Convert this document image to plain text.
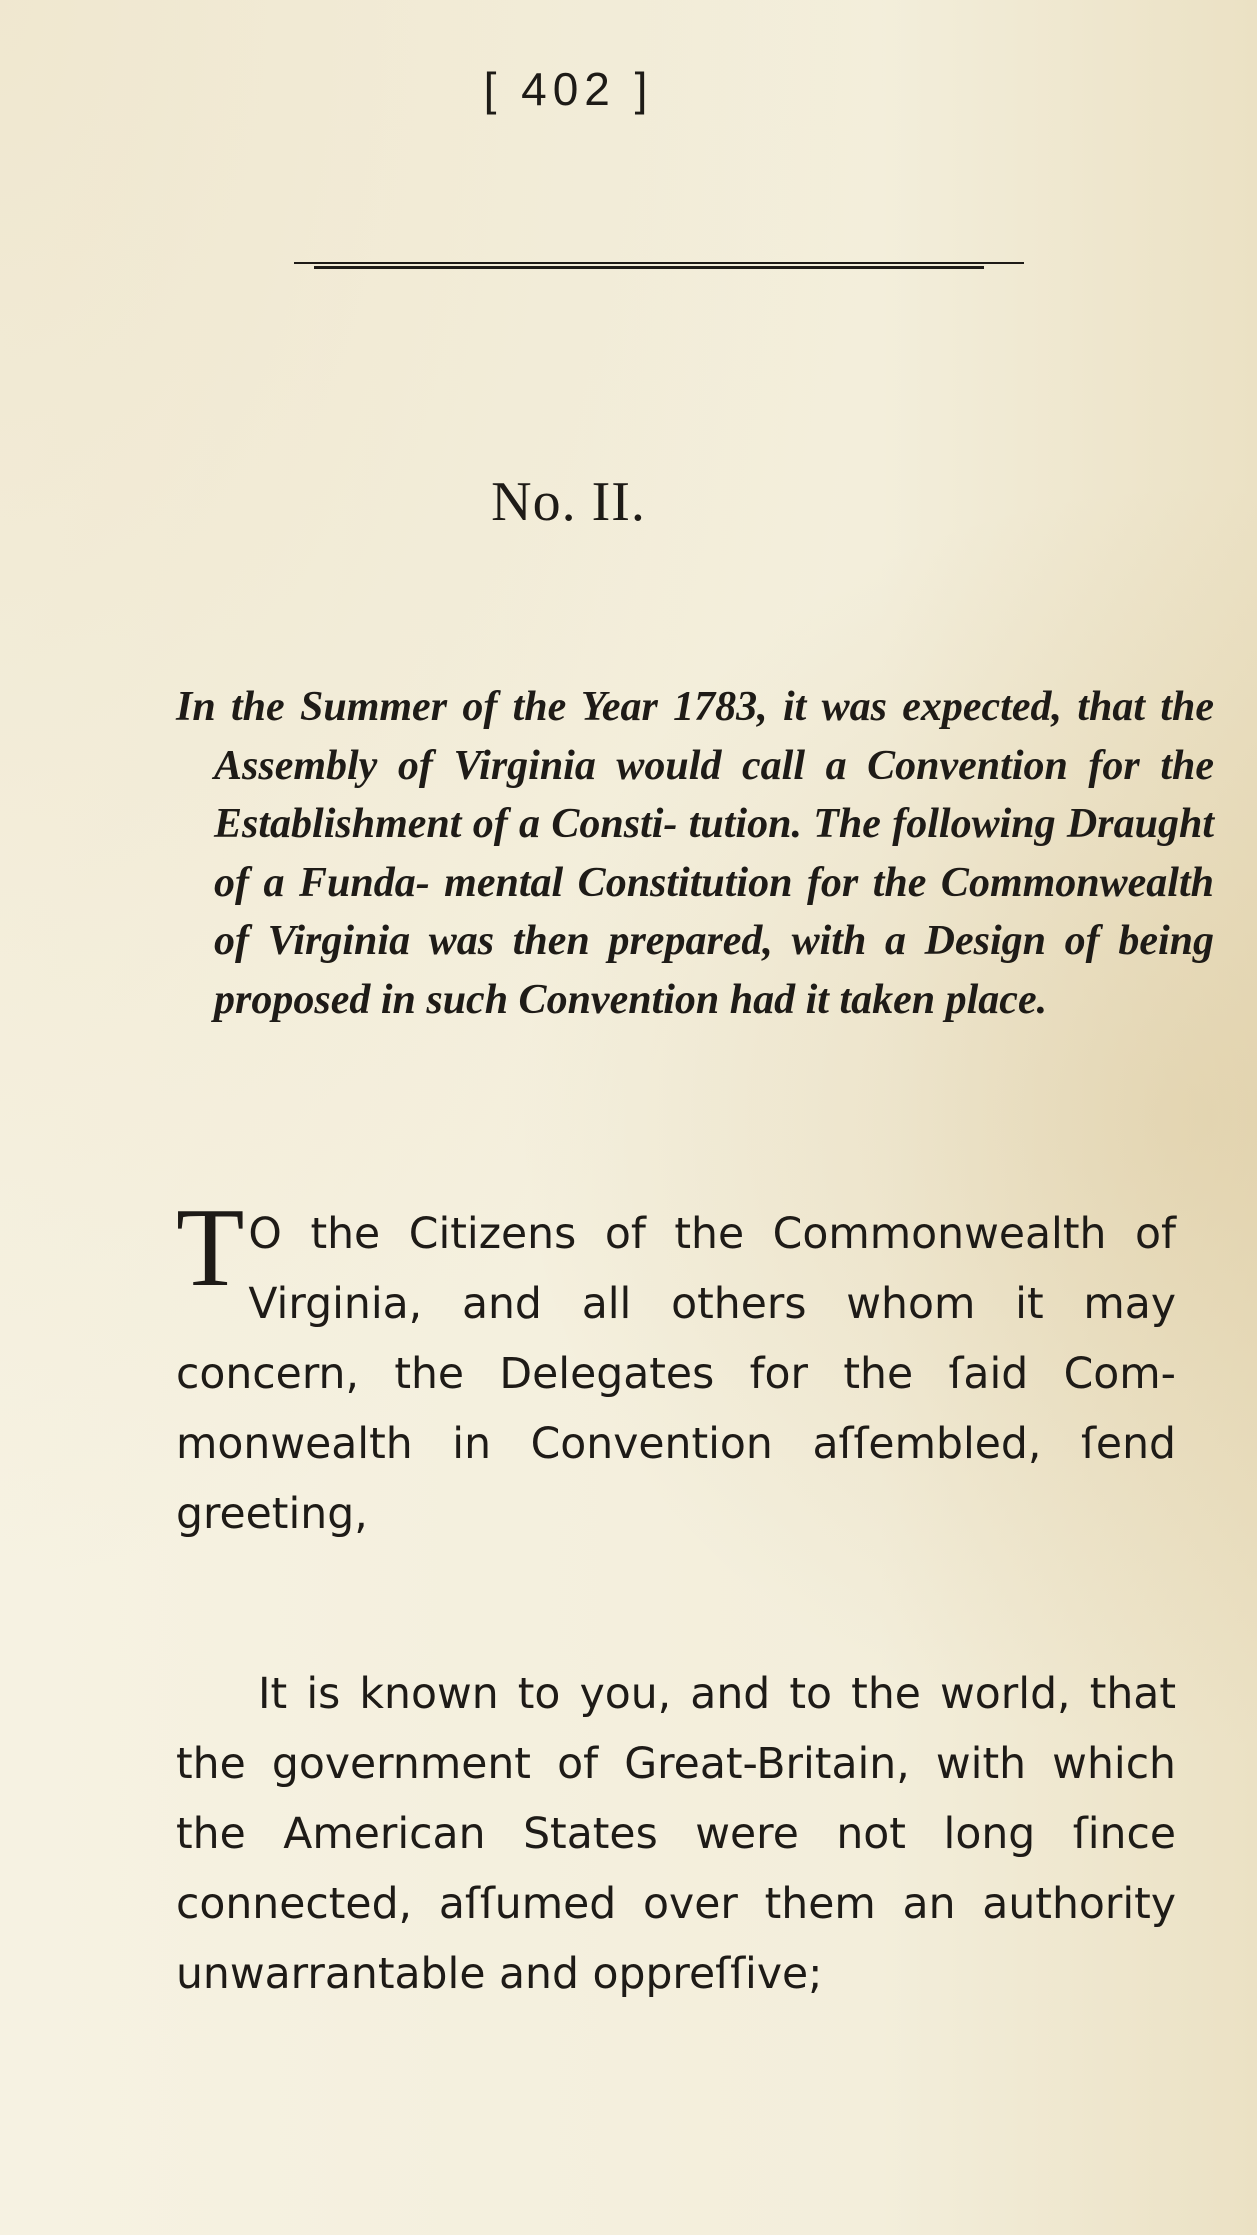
[ 402 ]
No. II.
In the Summer of the Year 1783, it was expected, that the Assembly of Virginia would call a Convention for the Establishment of a Consti- tution. The following Draught of a Funda- mental Constitution for the Commonwealth of Virginia was then prepared, with a Design of being proposed in such Convention had it taken place.
T O the Citizens of the Commonwealth of Virginia, and all others whom it may concern, the Delegates for the ſaid Com- monwealth in Convention aſſembled, ſend greeting,
It is known to you, and to the world, that the government of Great-Britain, with which the American States were not long ſince connected, aſſumed over them an authority unwarrantable and oppreſſive;
